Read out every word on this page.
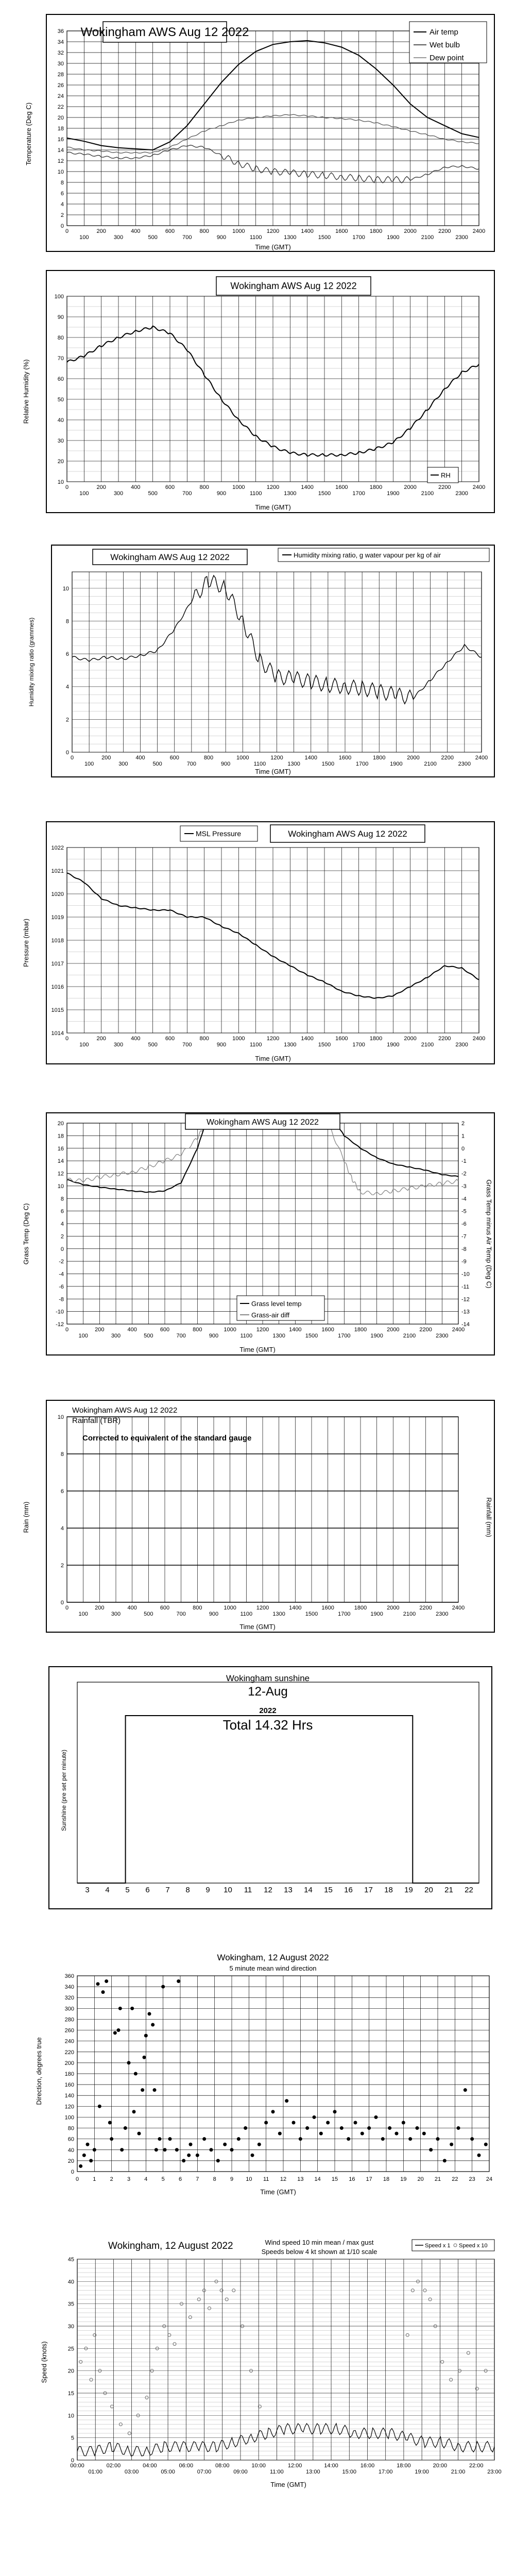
0
2
4
6
8
10
12
14
16
18
20
22
24
26
28
30
32
34
36
0	200	400	600	800	1000	1200	1400	1600	1800	2000	2200	2400
100	300	500	700	900	1100	1300	1500	1700	1900	2100	2300
Wokingham AWS Aug 12 2022
Temperature (Deg C)
Time (GMT)
Air temp
Wet bulb
Dew point
10
20
30
40
50
60
70
80
90
100
0	200	400	600	800	1000	1200	1400	1600	1800	2000	2200	2400
100	300	500	700	900	1100	1300	1500	1700	1900	2100	2300
Wokingham AWS Aug 12 2022
Relative Humidity (%)
Time (GMT)
RH
0
2
4
6
8
10
0	200	400	600	800	1000	1200	1400	1600	1800	2000	2200	2400
100	300	500	700	900	1100	1300	1500	1700	1900	2100	2300
Wokingham AWS Aug 12 2022
Humidity mixing ratio (grammes)
Time (GMT)
Humidity mixing ratio, g water vapour per kg of air
1014
1015
1016
1017
1018
1019
1020
1021
1022
0	200	400	600	800	1000	1200	1400	1600	1800	2000	2200	2400
100	300	500	700	900	1100	1300	1500	1700	1900	2100	2300
MSL Pressure	Wokingham AWS Aug 12 2022
Pressure (mbar)
Time (GMT)
-12
-10
-8
-6
-4
-2
0
2
4
6
8
10
12
14
16
18
20
-14
-13
-12
-11
-10
-9
-8
-7
-6
-5
-4
-3
-2
-1
0
1
2
0	200	400	600	800	1000	1200	1400	1600	1800	2000	2200	2400
100	300	500	700	900	1100	1300	1500	1700	1900	2100	2300
Wokingham AWS Aug 12 2022
Grass Temp (Deg C)	Grass Temp minus Air Temp (Deg C)
Time (GMT)
Grass level temp
Grass-air diff
0
2
4
6
8
10
0	200	400	600	800	1000	1200	1400	1600	1800	2000	2200	2400
100	300	500	700	900	1100	1300	1500	1700	1900	2100	2300
Wokingham AWS Aug 12 2022
Rainfall (TBR)
Corrected to equivalent of the standard gauge
Rain (mm)	Rainfall (mm)
Time (GMT)
3 4 5 6 7 8 9 10 11 12 13 14 15 16 17 18 19 20 21 22
Wokingham sunshine
12-Aug
2022
Total 14.32 Hrs
Sunshine (pre set per minute)
0
20
40
60
80
100
120
140
160
180
200
220
240
260
280
300
320
340
360
0 1 2 3 4 5 6 7 8 9 10 11 12 13 14 15 16 17 18 19 20 21 22 23 24
Wokingham, 12 August 2022
5 minute mean wind direction
Direction, degrees true
Time (GMT)
0
5
10
15
20
25
30
35
40
45
00:00	02:00	04:00	06:00	08:00	10:00	12:00	14:00	16:00	18:00	20:00	22:00
01:00	03:00	05:00	07:00	09:00	11:00	13:00	15:00	17:00	19:00	21:00	23:00
Wokingham, 12 August 2022	Wind speed 10 min mean / max gust
Speeds below 4 kt shown at 1/10 scale
Speed (knots)
Time (GMT)
Speed x 1 Speed x 10
